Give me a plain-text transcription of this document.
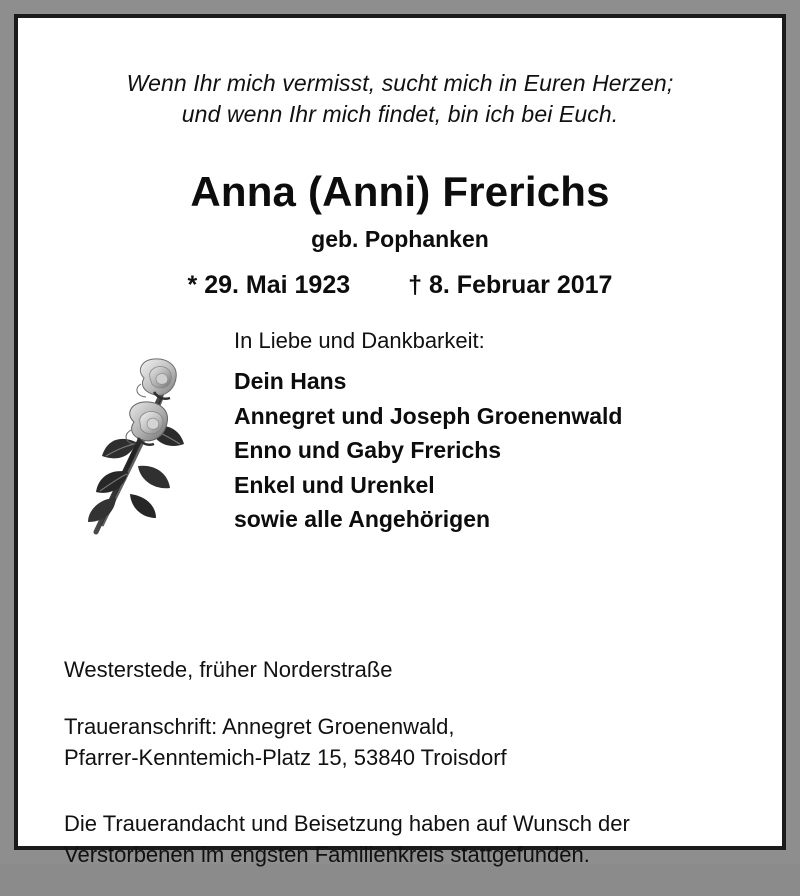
Wenn Ihr mich vermisst, sucht mich in Euren Herzen;
und wenn Ihr mich findet, bin ich bei Euch.
Anna (Anni) Frerichs
geb. Pophanken
* 29. Mai 1923 † 8. Februar 2017
In Liebe und Dankbarkeit:
Dein Hans
Annegret und Joseph Groenenwald
Enno und Gaby Frerichs
Enkel und Urenkel
sowie alle Angehörigen

Westerstede, früher Norderstraße

Traueranschrift: Annegret Groenenwald,
Pfarrer-Kenntemich-Platz 15, 53840 Troisdorf

Die Trauerandacht und Beisetzung haben auf Wunsch der
Verstorbenen im engsten Familienkreis stattgefunden.
